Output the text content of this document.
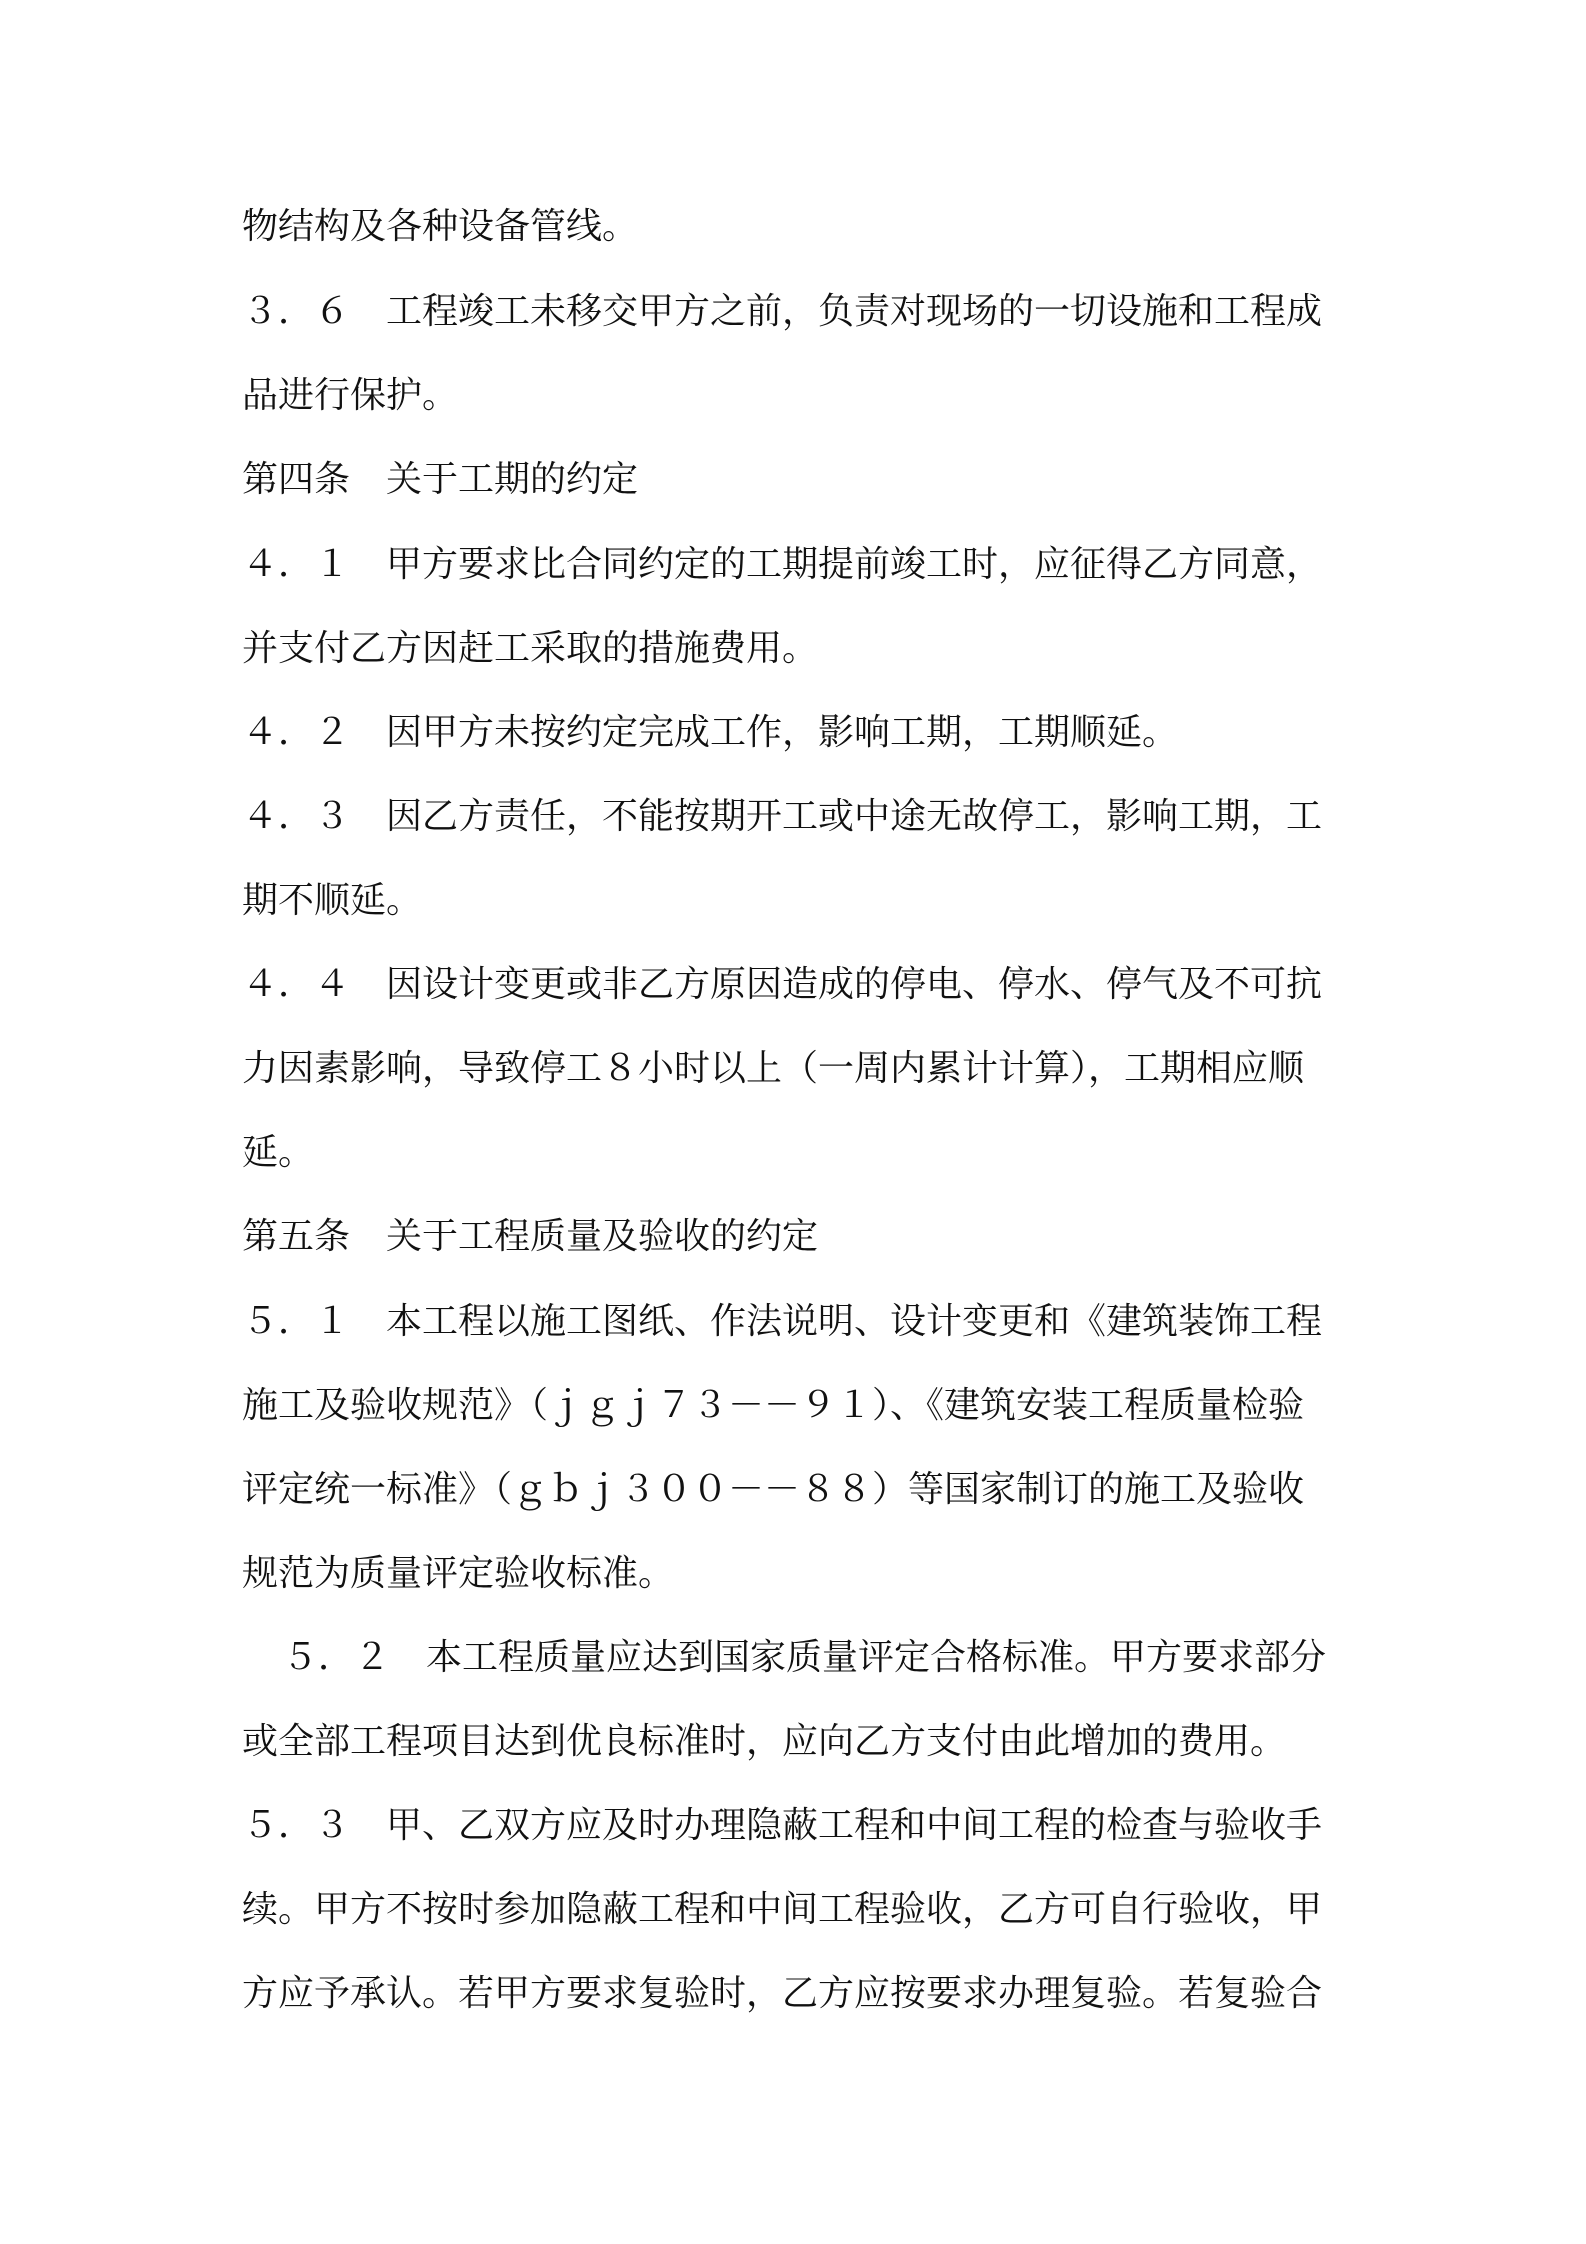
物结构及各种设备管线。
３．６　工程竣工未移交甲方之前，负责对现场的一切设施和工程成
品进行保护。
第四条　关于工期的约定
４．１　甲方要求比合同约定的工期提前竣工时，应征得乙方同意，
并支付乙方因赶工采取的措施费用。
４．２　因甲方未按约定完成工作，影响工期，工期顺延。
４．３　因乙方责任，不能按期开工或中途无故停工，影响工期，工
期不顺延。
４．４　因设计变更或非乙方原因造成的停电、停水、停气及不可抗
力因素影响，导致停工８小时以上（一周内累计计算），工期相应顺
延。
第五条　关于工程质量及验收的约定
５．１　本工程以施工图纸、作法说明、设计变更和《建筑装饰工程
施工及验收规范》（ｊｇｊ７３－－９１）、《建筑安装工程质量检验
评定统一标准》（ｇｂｊ３００－－８８）等国家制订的施工及验收
规范为质量评定验收标准。
５．２　本工程质量应达到国家质量评定合格标准。甲方要求部分
或全部工程项目达到优良标准时，应向乙方支付由此增加的费用。
５．３　甲、乙双方应及时办理隐蔽工程和中间工程的检查与验收手
续。甲方不按时参加隐蔽工程和中间工程验收，乙方可自行验收，甲
方应予承认。若甲方要求复验时，乙方应按要求办理复验。若复验合
